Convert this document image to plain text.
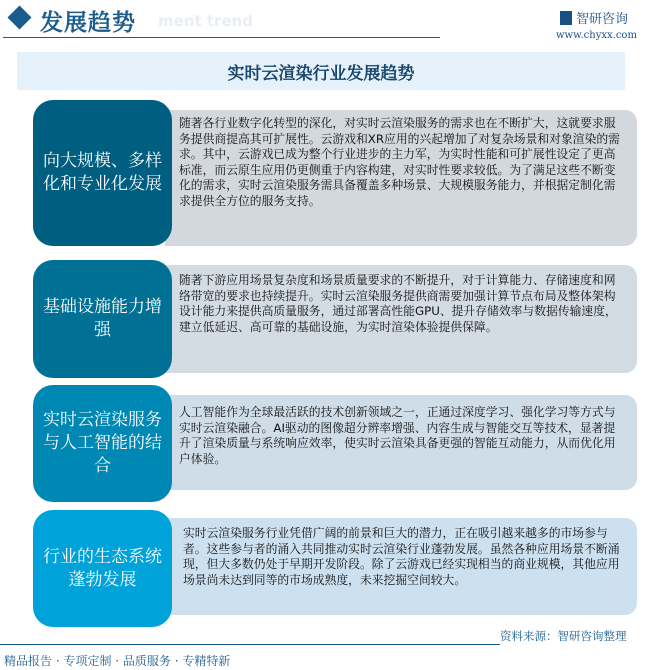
ment trend
发展趋势	智研咨询
www.chyxx.com
实时云渲染行业发展趋势
向大规模、多样化和专业化发展
随著各行业数字化转型的深化，对实时云渲染服务的需求也在不断扩大，这就要求服务提供商提高其可扩展性。云游戏和XR应用的兴起增加了对复杂场景和对象渲染的需求。其中，云游戏已成为整个行业进步的主力军，为实时性能和可扩展性设定了更高标准，而云原生应用仍更侧重于内容构建，对实时性要求较低。为了满足这些不断变化的需求，实时云渲染服务需具备覆盖多种场景、大规模服务能力，并根据定制化需求提供全方位的服务支持。
基础设施能力增强
随著下游应用场景复杂度和场景质量要求的不断提升，对于计算能力、存储速度和网络带宽的要求也持续提升。实时云渲染服务提供商需要加强计算节点布局及整体架构设计能力来提供高质量服务，通过部署高性能GPU、提升存储效率与数据传输速度，建立低延迟、高可靠的基础设施，为实时渲染体验提供保障。
实时云渲染服务与人工智能的结合
人工智能作为全球最活跃的技术创新领域之一，正通过深度学习、强化学习等方式与实时云渲染融合。AI驱动的图像超分辨率增强、内容生成与智能交互等技术，显著提升了渲染质量与系统响应效率，使实时云渲染具备更强的智能互动能力，从而优化用户体验。
行业的生态系统蓬勃发展
实时云渲染服务行业凭借广阔的前景和巨大的潜力，正在吸引越来越多的市场参与者。这些参与者的涌入共同推动实时云渲染行业蓬勃发展。虽然各种应用场景不断涌现，但大多数仍处于早期开发阶段。除了云游戏已经实现相当的商业规模，其他应用场景尚未达到同等的市场成熟度，未来挖掘空间较大。
资料来源：智研咨询整理
精品报告 · 专项定制 · 品质服务 · 专精特新
